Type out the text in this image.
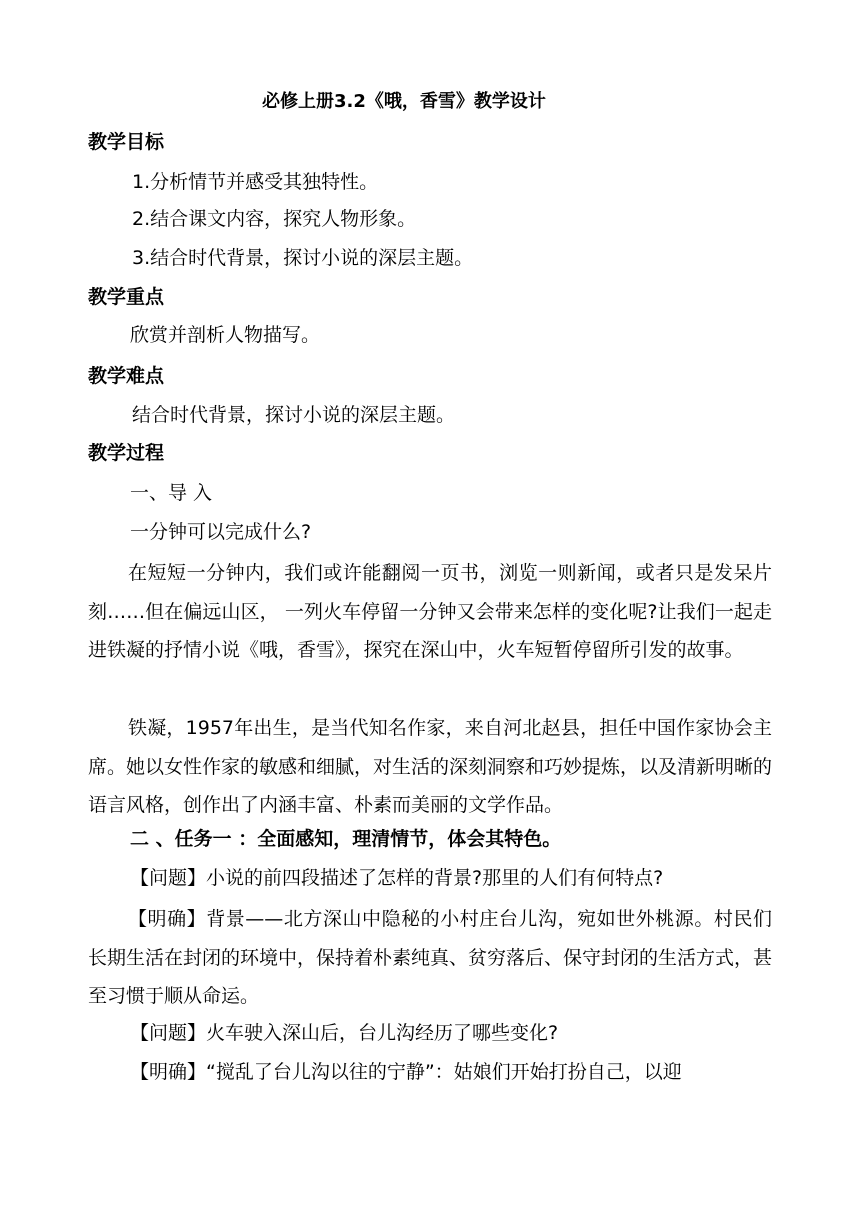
必修上册3.2《哦，香雪》教学设计
教学目标
1.分析情节并感受其独特性。
2.结合课文内容，探究人物形象。
3.结合时代背景，探讨小说的深层主题。
教学重点
欣赏并剖析人物描写。
教学难点
结合时代背景，探讨小说的深层主题。
教学过程
一、导 入
一分钟可以完成什么?

在短短一分钟内，我们或许能翻阅一页书，浏览一则新闻，或者只是发呆片刻……但在偏远山区， 一列火车停留一分钟又会带来怎样的变化呢?让我们一起走进铁凝的抒情小说《哦，香雪》，探究在深山中，火车短暂停留所引发的故事。

铁凝，1957年出生，是当代知名作家，来自河北赵县，担任中国作家协会主席。她以女性作家的敏感和细腻，对生活的深刻洞察和巧妙提炼，以及清新明晰的语言风格，创作出了内涵丰富、朴素而美丽的文学作品。

二 、任务一 ：全面感知，理清情节，体会其特色。
【问题】小说的前四段描述了怎样的背景?那里的人们有何特点?

【明确】背景——北方深山中隐秘的小村庄台儿沟，宛如世外桃源。村民们长期生活在封闭的环境中，保持着朴素纯真、贫穷落后、保守封闭的生活方式，甚至习惯于顺从命运。

【问题】火车驶入深山后，台儿沟经历了哪些变化?
【明确】“搅乱了台儿沟以往的宁静”：姑娘们开始打扮自己，以迎
